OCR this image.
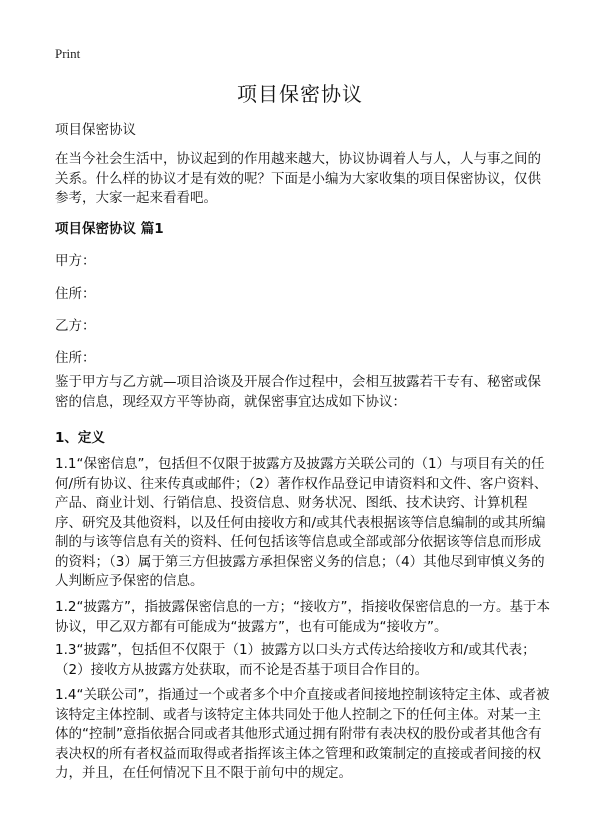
Print
项目保密协议
项目保密协议
在当今社会生活中，协议起到的作用越来越大，协议协调着人与人，人与事之间的关系。什么样的协议才是有效的呢？下面是小编为大家收集的项目保密协议，仅供参考，大家一起来看看吧。
项目保密协议 篇1
甲方：
住所：
乙方：
住所：
鉴于甲方与乙方就—项目洽谈及开展合作过程中，会相互披露若干专有、秘密或保密的信息，现经双方平等协商，就保密事宜达成如下协议：
1、定义
1.1“保密信息”，包括但不仅限于披露方及披露方关联公司的（1）与项目有关的任何/所有协议、往来传真或邮件；（2）著作权作品登记申请资料和文件、客户资料、产品、商业计划、行销信息、投资信息、财务状况、图纸、技术诀窍、计算机程序、研究及其他资料，以及任何由接收方和/或其代表根据该等信息编制的或其所编制的与该等信息有关的资料、任何包括该等信息或全部或部分依据该等信息而形成的资料；（3）属于第三方但披露方承担保密义务的信息；（4）其他尽到审慎义务的人判断应予保密的信息。
1.2“披露方”，指披露保密信息的一方；“接收方”，指接收保密信息的一方。基于本协议，甲乙双方都有可能成为“披露方”，也有可能成为“接收方”。
1.3“披露”，包括但不仅限于（1）披露方以口头方式传达给接收方和/或其代表；（2）接收方从披露方处获取，而不论是否基于项目合作目的。
1.4“关联公司”，指通过一个或者多个中介直接或者间接地控制该特定主体、或者被该特定主体控制、或者与该特定主体共同处于他人控制之下的任何主体。对某一主体的“控制”意指依据合同或者其他形式通过拥有附带有表决权的股份或者其他含有表决权的所有者权益而取得或者指挥该主体之管理和政策制定的直接或者间接的权力，并且，在任何情况下且不限于前句中的规定。
